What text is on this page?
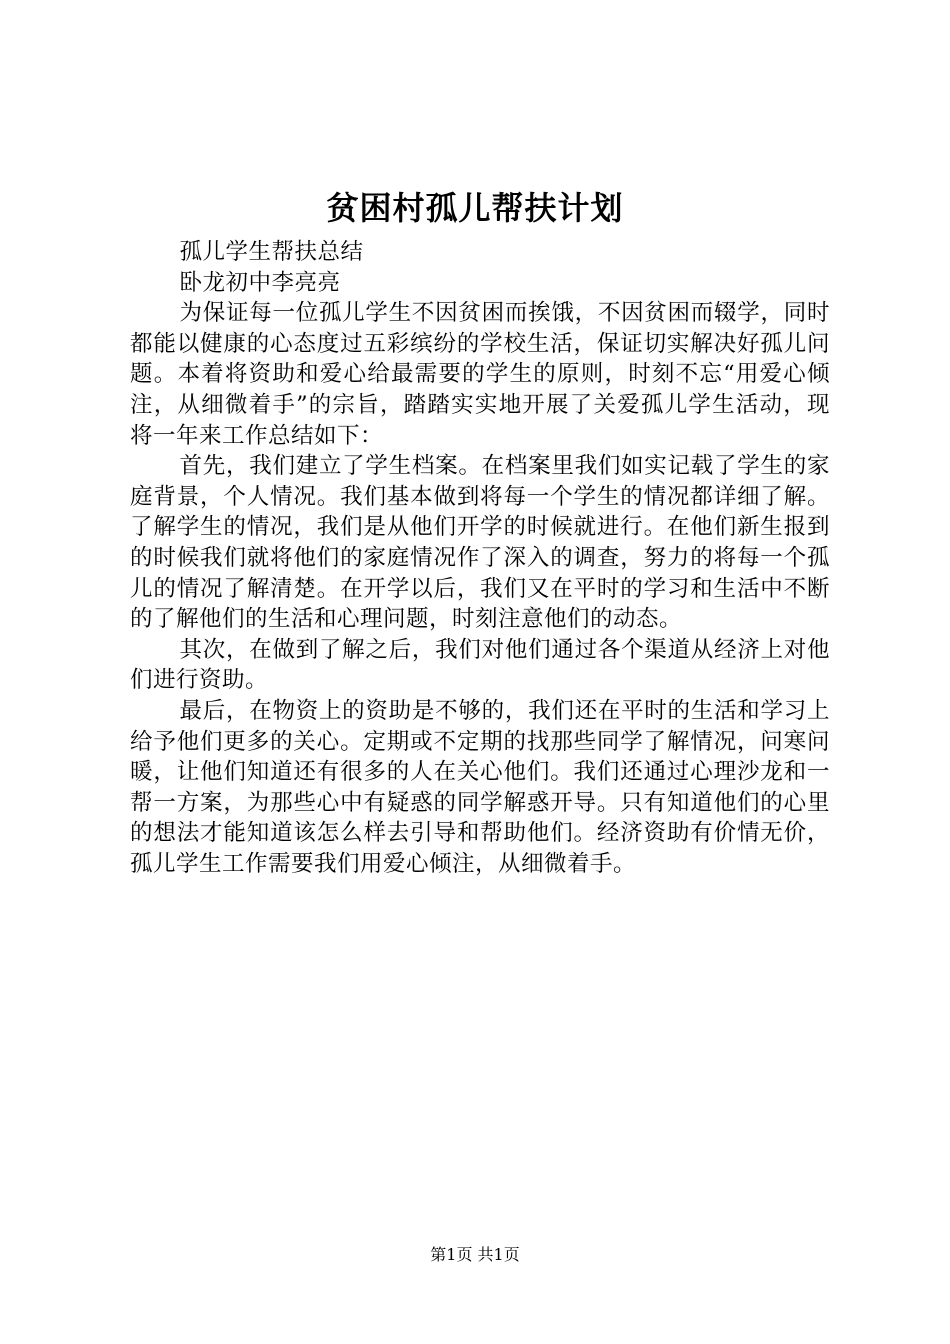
贫困村孤儿帮扶计划

孤儿学生帮扶总结

卧龙初中李亮亮

为保证每一位孤儿学生不因贫困而挨饿，不因贫困而辍学，同时都能以健康的心态度过五彩缤纷的学校生活，保证切实解决好孤儿问题。本着将资助和爱心给最需要的学生的原则，时刻不忘“用爱心倾注，从细微着手”的宗旨，踏踏实实地开展了关爱孤儿学生活动，现将一年来工作总结如下：

首先，我们建立了学生档案。在档案里我们如实记载了学生的家庭背景，个人情况。我们基本做到将每一个学生的情况都详细了解。了解学生的情况，我们是从他们开学的时候就进行。在他们新生报到的时候我们就将他们的家庭情况作了深入的调查，努力的将每一个孤儿的情况了解清楚。在开学以后，我们又在平时的学习和生活中不断的了解他们的生活和心理问题，时刻注意他们的动态。

其次，在做到了解之后，我们对他们通过各个渠道从经济上对他们进行资助。

最后，在物资上的资助是不够的，我们还在平时的生活和学习上给予他们更多的关心。定期或不定期的找那些同学了解情况，问寒问暖，让他们知道还有很多的人在关心他们。我们还通过心理沙龙和一帮一方案，为那些心中有疑惑的同学解惑开导。只有知道他们的心里的想法才能知道该怎么样去引导和帮助他们。经济资助有价情无价，孤儿学生工作需要我们用爱心倾注，从细微着手。

第1页 共1页
